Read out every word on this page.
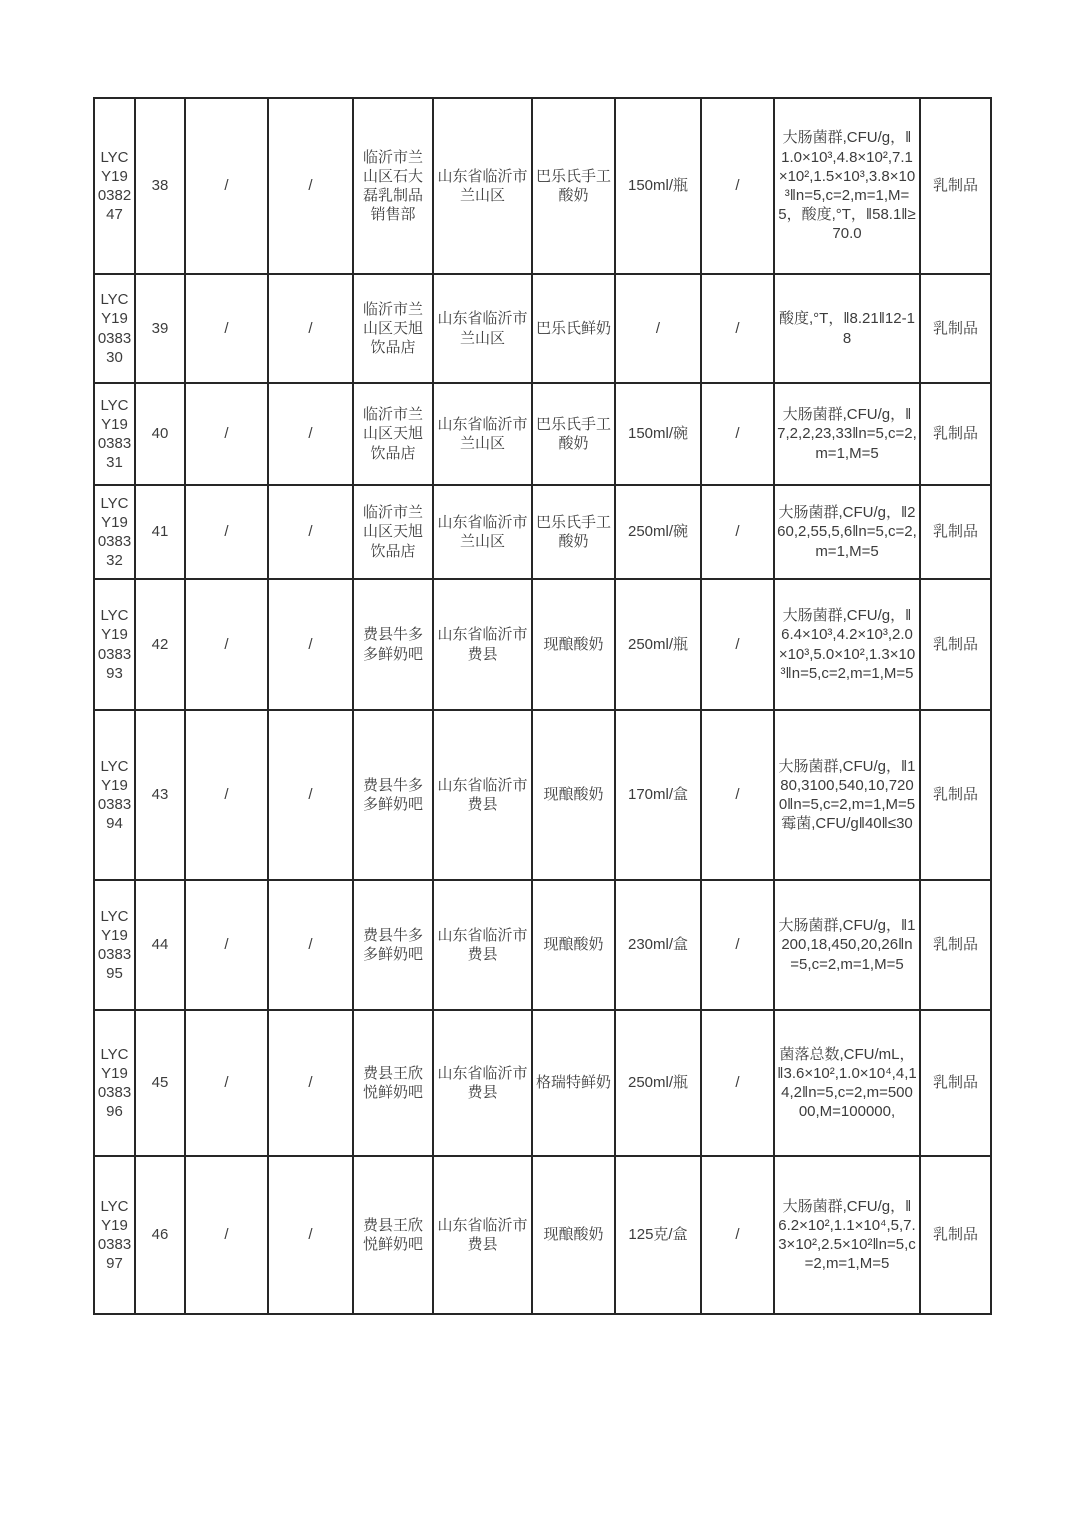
LYCY19038247	38	/	/	临沂市兰山区石大磊乳制品销售部	山东省临沂市兰山区	巴乐氏手工酸奶	150ml/瓶	/	大肠菌群,CFU/g，‖1.0×10³,4.8×10²,7.1×10²,1.5×10³,3.8×10³‖n=5,c=2,m=1,M=5，酸度,°T，‖58.1‖≥70.0	乳制品
LYCY19038330	39	/	/	临沂市兰山区天旭饮品店	山东省临沂市兰山区	巴乐氏鲜奶	/	/	酸度,°T，‖8.21‖12-18	乳制品
LYCY19038331	40	/	/	临沂市兰山区天旭饮品店	山东省临沂市兰山区	巴乐氏手工酸奶	150ml/碗	/	大肠菌群,CFU/g，‖7,2,2,23,33‖n=5,c=2,m=1,M=5	乳制品
LYCY19038332	41	/	/	临沂市兰山区天旭饮品店	山东省临沂市兰山区	巴乐氏手工酸奶	250ml/碗	/	大肠菌群,CFU/g，‖260,2,55,5,6‖n=5,c=2,m=1,M=5	乳制品
LYCY19038393	42	/	/	费县牛多多鲜奶吧	山东省临沂市费县	现酿酸奶	250ml/瓶	/	大肠菌群,CFU/g，‖6.4×10³,4.2×10³,2.0×10³,5.0×10²,1.3×10³‖n=5,c=2,m=1,M=5	乳制品
LYCY19038394	43	/	/	费县牛多多鲜奶吧	山东省临沂市费县	现酿酸奶	170ml/盒	/	大肠菌群,CFU/g，‖180,3100,540,10,7200‖n=5,c=2,m=1,M=5 霉菌,CFU/g‖40‖≤30	乳制品
LYCY19038395	44	/	/	费县牛多多鲜奶吧	山东省临沂市费县	现酿酸奶	230ml/盒	/	大肠菌群,CFU/g，‖1200,18,450,20,26‖n=5,c=2,m=1,M=5	乳制品
LYCY19038396	45	/	/	费县王欣悦鲜奶吧	山东省临沂市费县	格瑞特鲜奶	250ml/瓶	/	菌落总数,CFU/mL，‖3.6×10²,1.0×10⁴,4,14,2‖n=5,c=2,m=50000,M=100000,	乳制品
LYCY19038397	46	/	/	费县王欣悦鲜奶吧	山东省临沂市费县	现酿酸奶	125克/盒	/	大肠菌群,CFU/g，‖6.2×10²,1.1×10⁴,5,7.3×10²,2.5×10²‖n=5,c=2,m=1,M=5	乳制品
